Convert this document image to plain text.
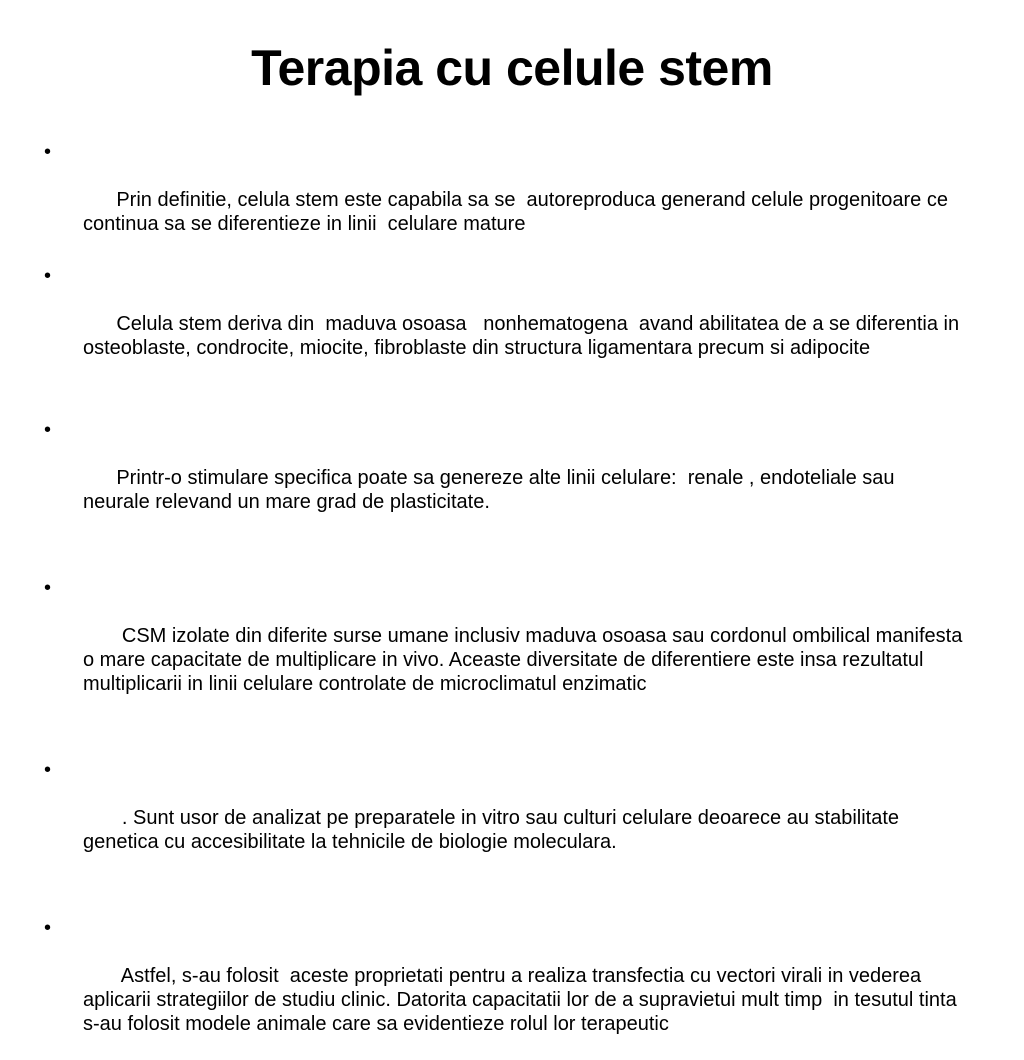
Terapia cu celule stem

•

Prin definitie, celula stem este capabila sa se  autoreproduca generand celule progenitoare ce continua sa se diferentieze in linii  celulare mature

•

Celula stem deriva din  maduva osoasa   nonhematogena  avand abilitatea de a se diferentia in osteoblaste, condrocite, miocite, fibroblaste din structura ligamentara precum si adipocite

•

Printr-o stimulare specifica poate sa genereze alte linii celulare:  renale , endoteliale sau neurale relevand un mare grad de plasticitate.

•

CSM izolate din diferite surse umane inclusiv maduva osoasa sau cordonul ombilical manifesta o mare capacitate de multiplicare in vivo. Aceaste diversitate de diferentiere este insa rezultatul multiplicarii in linii celulare controlate de microclimatul enzimatic

•

. Sunt usor de analizat pe preparatele in vitro sau culturi celulare deoarece au stabilitate genetica cu accesibilitate la tehnicile de biologie moleculara.

•

Astfel, s-au folosit  aceste proprietati pentru a realiza transfectia cu vectori virali in vederea aplicarii strategiilor de studiu clinic. Datorita capacitatii lor de a supravietui mult timp  in tesutul tinta  s-au folosit modele animale care sa evidentieze rolul lor terapeutic
